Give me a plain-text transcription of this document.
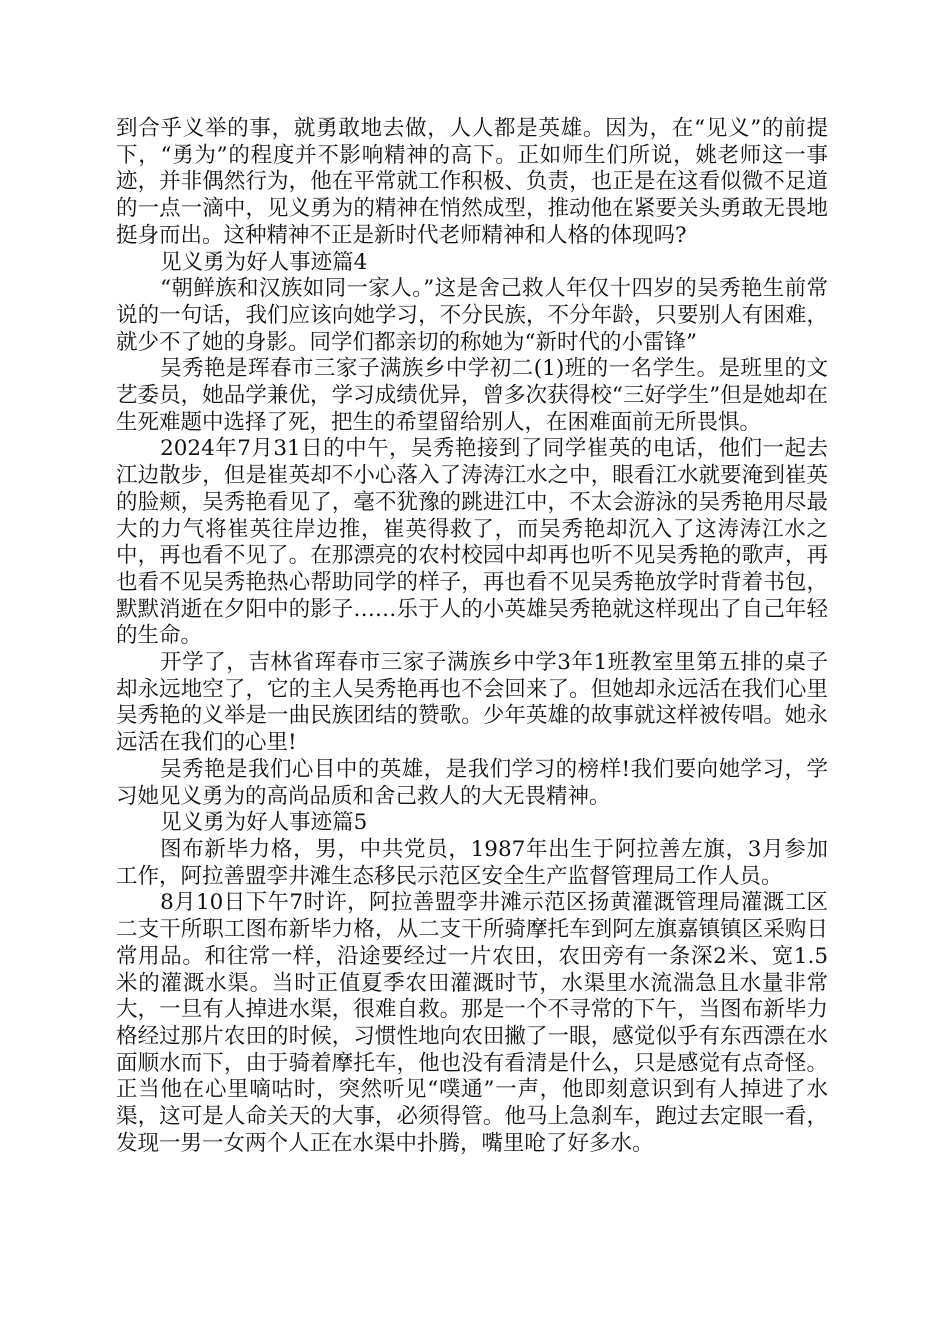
到合乎义举的事，就勇敢地去做，人人都是英雄。因为，在“见义”的前提下，“勇为”的程度并不影响精神的高下。正如师生们所说，姚老师这一事迹，并非偶然行为，他在平常就工作积极、负责，也正是在这看似微不足道的一点一滴中，见义勇为的精神在悄然成型，推动他在紧要关头勇敢无畏地挺身而出。这种精神不正是新时代老师精神和人格的体现吗?

见义勇为好人事迹篇4

“朝鲜族和汉族如同一家人。”这是舍己救人年仅十四岁的吴秀艳生前常说的一句话，我们应该向她学习，不分民族，不分年龄，只要别人有困难，就少不了她的身影。同学们都亲切的称她为“新时代的小雷锋”

吴秀艳是珲春市三家子满族乡中学初二(1)班的一名学生。是班里的文艺委员，她品学兼优，学习成绩优异，曾多次获得校“三好学生”但是她却在生死难题中选择了死，把生的希望留给别人，在困难面前无所畏惧。

2024年7月31日的中午，吴秀艳接到了同学崔英的电话，他们一起去江边散步，但是崔英却不小心落入了涛涛江水之中，眼看江水就要淹到崔英的脸颊，吴秀艳看见了，毫不犹豫的跳进江中，不太会游泳的吴秀艳用尽最大的力气将崔英往岸边推，崔英得救了，而吴秀艳却沉入了这涛涛江水之中，再也看不见了。在那漂亮的农村校园中却再也听不见吴秀艳的歌声，再也看不见吴秀艳热心帮助同学的样子，再也看不见吴秀艳放学时背着书包，默默消逝在夕阳中的影子……乐于人的小英雄吴秀艳就这样现出了自己年轻的生命。

开学了，吉林省珲春市三家子满族乡中学3年1班教室里第五排的桌子却永远地空了，它的主人吴秀艳再也不会回来了。但她却永远活在我们心里吴秀艳的义举是一曲民族团结的赞歌。少年英雄的故事就这样被传唱。她永远活在我们的心里!

吴秀艳是我们心目中的英雄，是我们学习的榜样!我们要向她学习，学习她见义勇为的高尚品质和舍己救人的大无畏精神。

见义勇为好人事迹篇5

图布新毕力格，男，中共党员，1987年出生于阿拉善左旗，3月参加工作，阿拉善盟孪井滩生态移民示范区安全生产监督管理局工作人员。

8月10日下午7时许，阿拉善盟孪井滩示范区扬黄灌溉管理局灌溉工区二支干所职工图布新毕力格，从二支干所骑摩托车到阿左旗嘉镇镇区采购日常用品。和往常一样，沿途要经过一片农田，农田旁有一条深2米、宽1.5米的灌溉水渠。当时正值夏季农田灌溉时节，水渠里水流湍急且水量非常大，一旦有人掉进水渠，很难自救。那是一个不寻常的下午，当图布新毕力格经过那片农田的时候，习惯性地向农田撇了一眼，感觉似乎有东西漂在水面顺水而下，由于骑着摩托车，他也没有看清是什么，只是感觉有点奇怪。正当他在心里嘀咕时，突然听见“噗通”一声，他即刻意识到有人掉进了水渠，这可是人命关天的大事，必须得管。他马上急刹车，跑过去定眼一看，发现一男一女两个人正在水渠中扑腾，嘴里呛了好多水。
